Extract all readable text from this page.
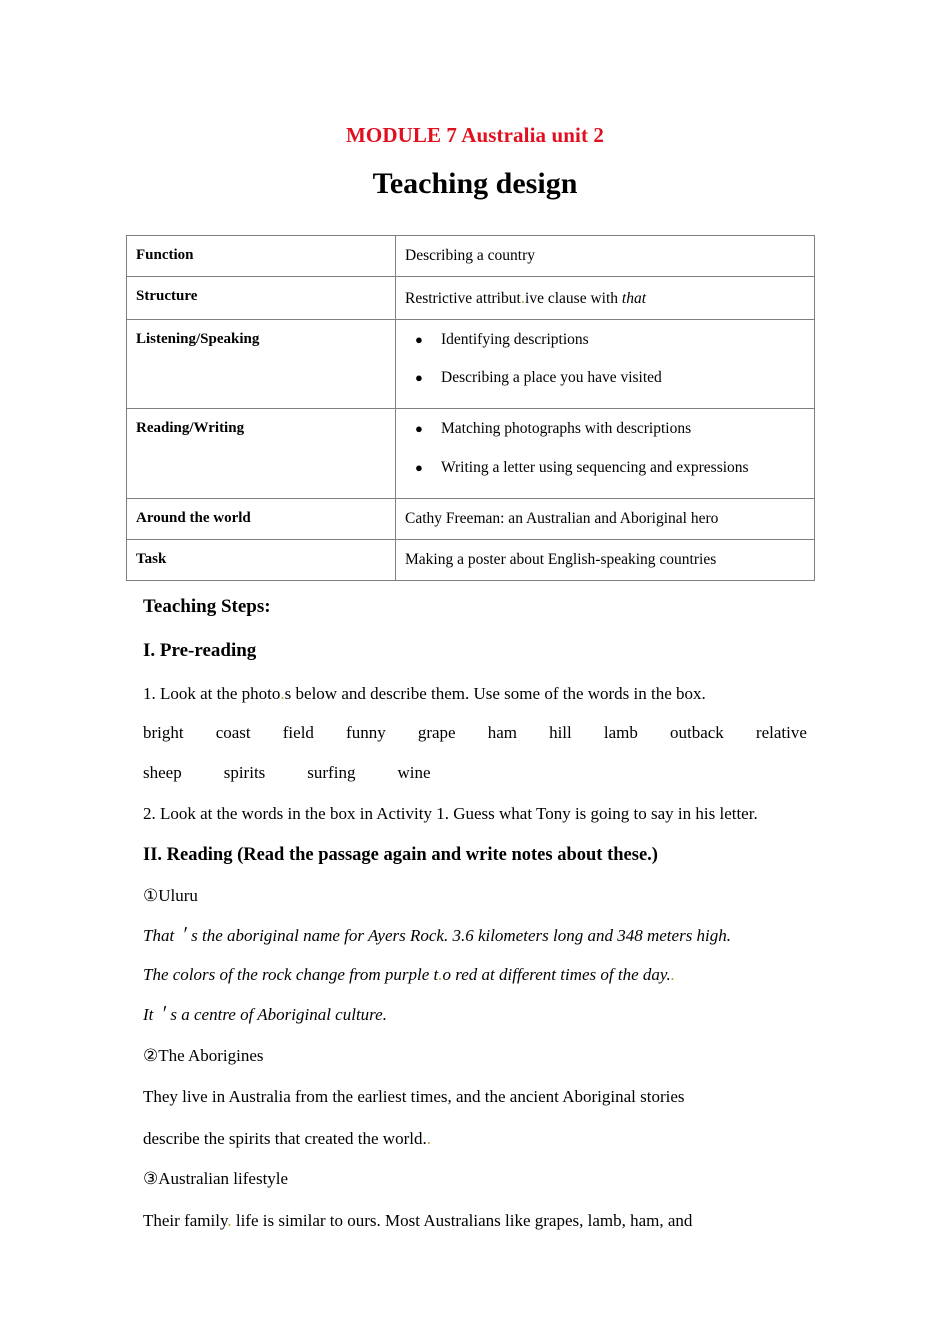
MODULE 7 Australia unit 2
Teaching design
Function	Describing a country
Structure	Restrictive attribut.ive clause with that
Listening/Speaking	● Identifying descriptions
● Describing a place you have visited

Reading/Writing	● Matching photographs with descriptions
● Writing a letter using sequencing and expressions

Around the world	Cathy Freeman: an Australian and Aboriginal hero
Task	Making a poster about English-speaking countries
Teaching Steps:
I. Pre-reading

1. Look at the photo.s below and describe them. Use some of the words in the box.

bright coast field funny grape ham hill lamb outback relative

sheep spirits surfing wine

2. Look at the words in the box in Activity 1. Guess what Tony is going to say in his letter.

II. Reading (Read the passage again and write notes about these.)

①Uluru

That＇s the aboriginal name for Ayers Rock. 3.6 kilometers long and 348 meters high.

The colors of the rock change from purple t.o red at different times of the day..

It＇s a centre of Aboriginal culture.

②The Aborigines

They live in Australia from the earliest times, and the ancient Aboriginal stories

describe the spirits that created the world..

③Australian lifestyle

Their family. life is similar to ours. Most Australians like grapes, lamb, ham, and
